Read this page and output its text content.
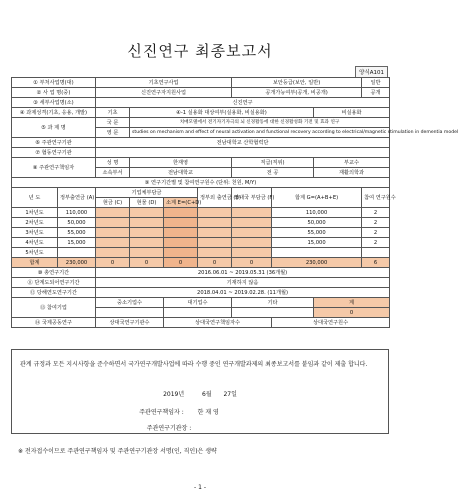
신진연구 최종보고서
양식A101
① 부처사업명(대)		기초연구사업				보안등급(보안, 일반)			일반
② 사 업 명(중)		신진연구자지원사업				공개가능여부(공개, 비공개)			공개
③ 세부사업명(소)		신진연구							
④ 과제성격(기초, 응용, 개발)		기초	④-1 실용화 대상여부(실용화, 비실용화)					비실용화	
⑤ 과 제 명		국 문	치매모델에서 전기자기자극의 뇌 신경활동에 대한 신경활성화 기전 및 효과 연구						
		영 문	studies on mechanism and effect of neural activation and functional recovery according to electrical/magnetic stimulation in dementia model						
⑥ 주관연구기관		전남대학교 산학협력단							
⑦ 협동연구기관									
⑧ 주관연구책임자		성 명	한재영			직급(직위)		부교수	
		소속부서	전남대학교			전 공		재활의학과	
⑨ 연구기간별 및 참여연구원수 (단위: 천원, M/Y)									
년 도	정부출연금 (A)	기업체부담금			정부외 출연금 (B)	상대국 부담금 (F)	합계 G=(A+B+E)		참여 연구원수
		현금 (C)	현물 (D)	소계 E=(C+D)					
1차년도	110,000						110,000		2
2차년도	50,000						50,000		2
3차년도	55,000						55,000		2
4차년도	15,000						15,000		2
5차년도									
합계	230,000	0	0	0	0	0	230,000		6
⑩ 총연구기간		2016.06.01 ~ 2019.05.31 (36개월)							
⑪ 단계도되어연구기간		기재하지 않음							
⑫ 당해연도연구기간		2018.04.01 ~ 2019.02.28. (11개월)							
⑬ 참여기업		중소기업수		대기업수		기타		계	
								0	
⑭ 국제공동연구		상대국연구기관수		상대국연구책임자수			상대국연구원수		
관계 규정과 모든 지시사항을 준수하면서 국가연구개발사업에 따라 수행 중인 연구개발과제의 최종보고서를 붙임과 같이 제출 합니다.
2019년	6월 27일
주관연구책임자 : 한 재 영
주관연구기관장 :
※ 전자접수이므로 주관연구책임자 및 주관연구기관장 서명(인, 직인)은 생략
- 1 -
